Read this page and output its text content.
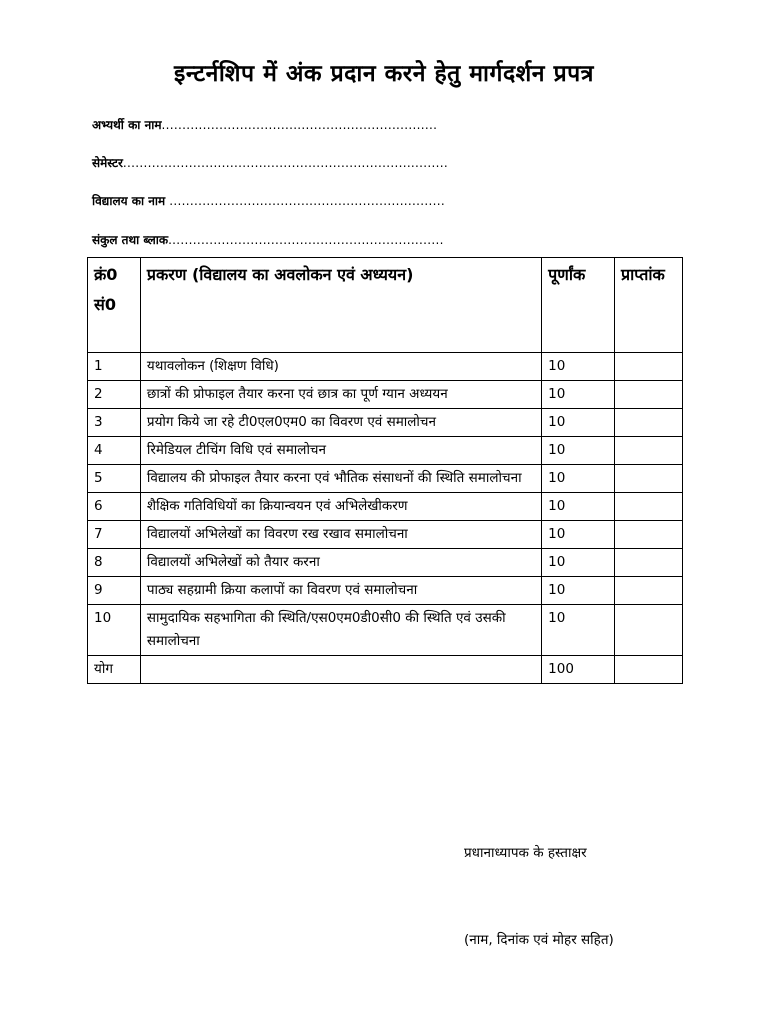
इन्टर्नशिप में अंक प्रदान करने हेतु मार्गदर्शन प्रपत्र
अभ्यर्थी का नाम...................................................................
सेमेस्टर...............................................................................
विद्यालय का नाम ...................................................................
संकुल तथा ब्लाक...................................................................
क्रं0 सं0	प्रकरण (विद्यालय का अवलोकन एवं अध्ययन)	पूर्णांक	प्राप्तांक
1	यथावलोकन (शिक्षण विधि)	10	
2	छात्रों की प्रोफाइल तैयार करना एवं छात्र का पूर्ण ग्यान अध्ययन	10	
3	प्रयोग किये जा रहे टी0एल0एम0 का विवरण एवं समालोचन	10	
4	रिमेडियल टीचिंग विधि एवं समालोचन	10	
5	विद्यालय की प्रोफाइल तैयार करना एवं भौतिक संसाधनों की स्थिति समालोचना	10	
6	शैक्षिक गतिविधियों का क्रियान्वयन एवं अभिलेखीकरण	10	
7	विद्यालयों अभिलेखों का विवरण रख रखाव समालोचना	10	
8	विद्यालयों अभिलेखों को तैयार करना	10	
9	पाठ्य सहग्रामी क्रिया कलापों का विवरण एवं समालोचना	10	
10	सामुदायिक सहभागिता की स्थिति/एस0एम0डी0सी0 की स्थिति एवं उसकी समालोचना	10	
योग		100	
प्रधानाध्यापक के हस्ताक्षर
(नाम, दिनांक एवं मोहर सहित)
